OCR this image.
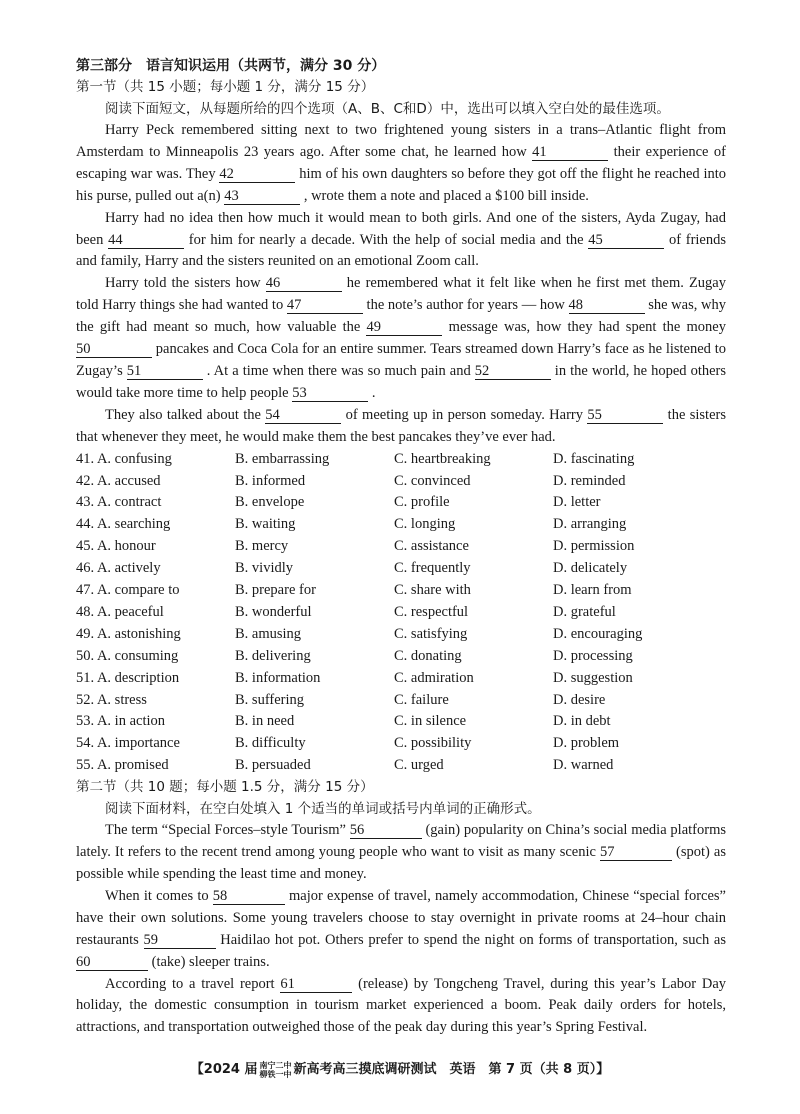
第三部分　语言知识运用（共两节，满分 30 分）

第一节（共 15 小题；每小题 1 分，满分 15 分）

阅读下面短文，从每题所给的四个选项（A、B、C和D）中，选出可以填入空白处的最佳选项。

Harry Peck remembered sitting next to two frightened young sisters in a trans–Atlantic flight from Amsterdam to Minneapolis 23 years ago. After some chat, he learned how 41	their experience of escaping war was. They 42	him of his own daughters so before they got off the flight he reached into his purse, pulled out a(n) 43	, wrote them a note and placed a $100 bill inside.

Harry had no idea then how much it would mean to both girls. And one of the sisters, Ayda Zugay, had been 44	for him for nearly a decade. With the help of social media and the 45	of friends and family, Harry and the sisters reunited on an emotional Zoom call.

Harry told the sisters how 46	he remembered what it felt like when he first met them. Zugay told Harry things she had wanted to 47	the note’s author for years — how 48	she was, why the gift had meant so much, how valuable the 49	message was, how they had spent the money 50	pancakes and Coca Cola for an entire summer. Tears streamed down Harry’s face as he listened to Zugay’s 51	. At a time when there was so much pain and 52	in the world, he hoped others would take more time to help people 53	.

They also talked about the 54	of meeting up in person someday. Harry 55	the sisters that whenever they meet, he would make them the best pancakes they’ve ever had.

41. A. confusing	B. embarrassing	C. heartbreaking	D. fascinating
42. A. accused	B. informed	C. convinced	D. reminded
43. A. contract	B. envelope	C. profile	D. letter
44. A. searching	B. waiting	C. longing	D. arranging
45. A. honour	B. mercy	C. assistance	D. permission
46. A. actively	B. vividly	C. frequently	D. delicately
47. A. compare to	B. prepare for	C. share with	D. learn from
48. A. peaceful	B. wonderful	C. respectful	D. grateful
49. A. astonishing	B. amusing	C. satisfying	D. encouraging
50. A. consuming	B. delivering	C. donating	D. processing
51. A. description	B. information	C. admiration	D. suggestion
52. A. stress	B. suffering	C. failure	D. desire
53. A. in action	B. in need	C. in silence	D. in debt
54. A. importance	B. difficulty	C. possibility	D. problem
55. A. promised	B. persuaded	C. urged	D. warned

第二节（共 10 题；每小题 1.5 分，满分 15 分）

阅读下面材料，在空白处填入 1 个适当的单词或括号内单词的正确形式。

The term “Special Forces–style Tourism” 56	(gain) popularity on China’s social media platforms lately. It refers to the recent trend among young people who want to visit as many scenic 57	(spot) as possible while spending the least time and money.

When it comes to 58	major expense of travel, namely accommodation, Chinese “special forces” have their own solutions. Some young travelers choose to stay overnight in private rooms at 24–hour chain restaurants 59	Haidilao hot pot. Others prefer to spend the night on forms of transportation, such as 60	(take) sleeper trains.

According to a travel report 61	(release) by Tongcheng Travel, during this year’s Labor Day holiday, the domestic consumption in tourism market experienced a boom. Peak daily orders for hotels, attractions, and transportation outweighed those of the peak day during this year’s Spring Festival.

【2024 届 南宁二中
柳铁一中 新高考高三摸底调研测试　英语　第 7 页（共 8 页）】
